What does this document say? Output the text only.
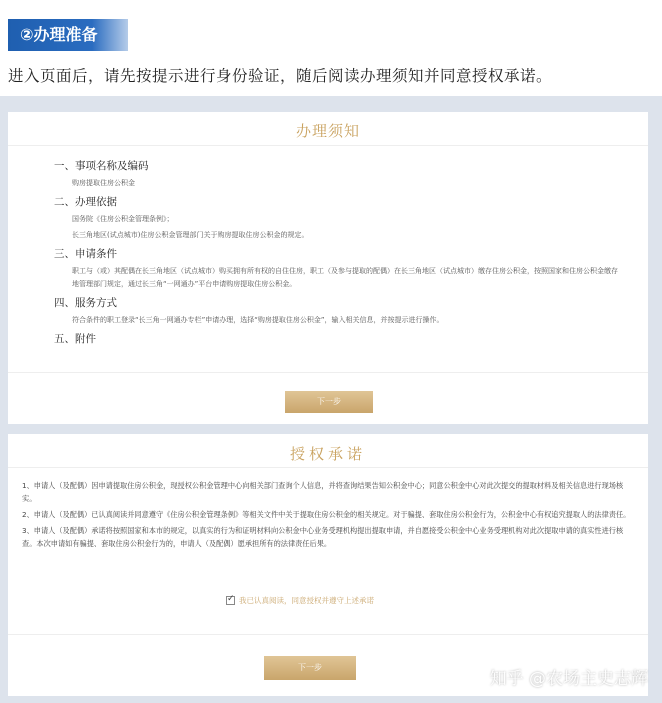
②办理准备
进入页面后，请先按提示进行身份验证，随后阅读办理须知并同意授权承诺。
办理须知
一、事项名称及编码
购房提取住房公积金
二、办理依据
国务院《住房公积金管理条例》；
长三角地区(试点城市)住房公积金管理部门关于购房提取住房公积金的规定。
三、申请条件
职工与（或）其配偶在长三角地区（试点城市）购买拥有所有权的自住住房，职工（及参与提取的配偶）在长三角地区（试点城市）缴存住房公积金，按照国家和住房公积金缴存地管理部门规定，通过长三角“一网通办”平台申请购房提取住房公积金。
四、服务方式
符合条件的职工登录“长三角一网通办专栏”申请办理，选择“购房提取住房公积金”，输入相关信息，并按提示进行操作。
五、附件
下一步
授权承诺
1、申请人（及配偶）因申请提取住房公积金，现授权公积金管理中心向相关部门查询个人信息，并将查询结果告知公积金中心；同意公积金中心对此次提交的提取材料及相关信息进行现场核实。
2、申请人（及配偶）已认真阅读并同意遵守《住房公积金管理条例》等相关文件中关于提取住房公积金的相关规定。对于骗提、套取住房公积金行为，公积金中心有权追究提取人的法律责任。
3、申请人（及配偶）承诺将按照国家和本市的规定，以真实的行为和证明材料向公积金中心业务受理机构提出提取申请，并自愿接受公积金中心业务受理机构对此次提取申请的真实性进行核查。本次申请如有骗提、套取住房公积金行为的，申请人（及配偶）愿承担所有的法律责任后果。
✓
我已认真阅读，同意授权并遵守上述承诺
下一步
知乎 @农场主史志辉
